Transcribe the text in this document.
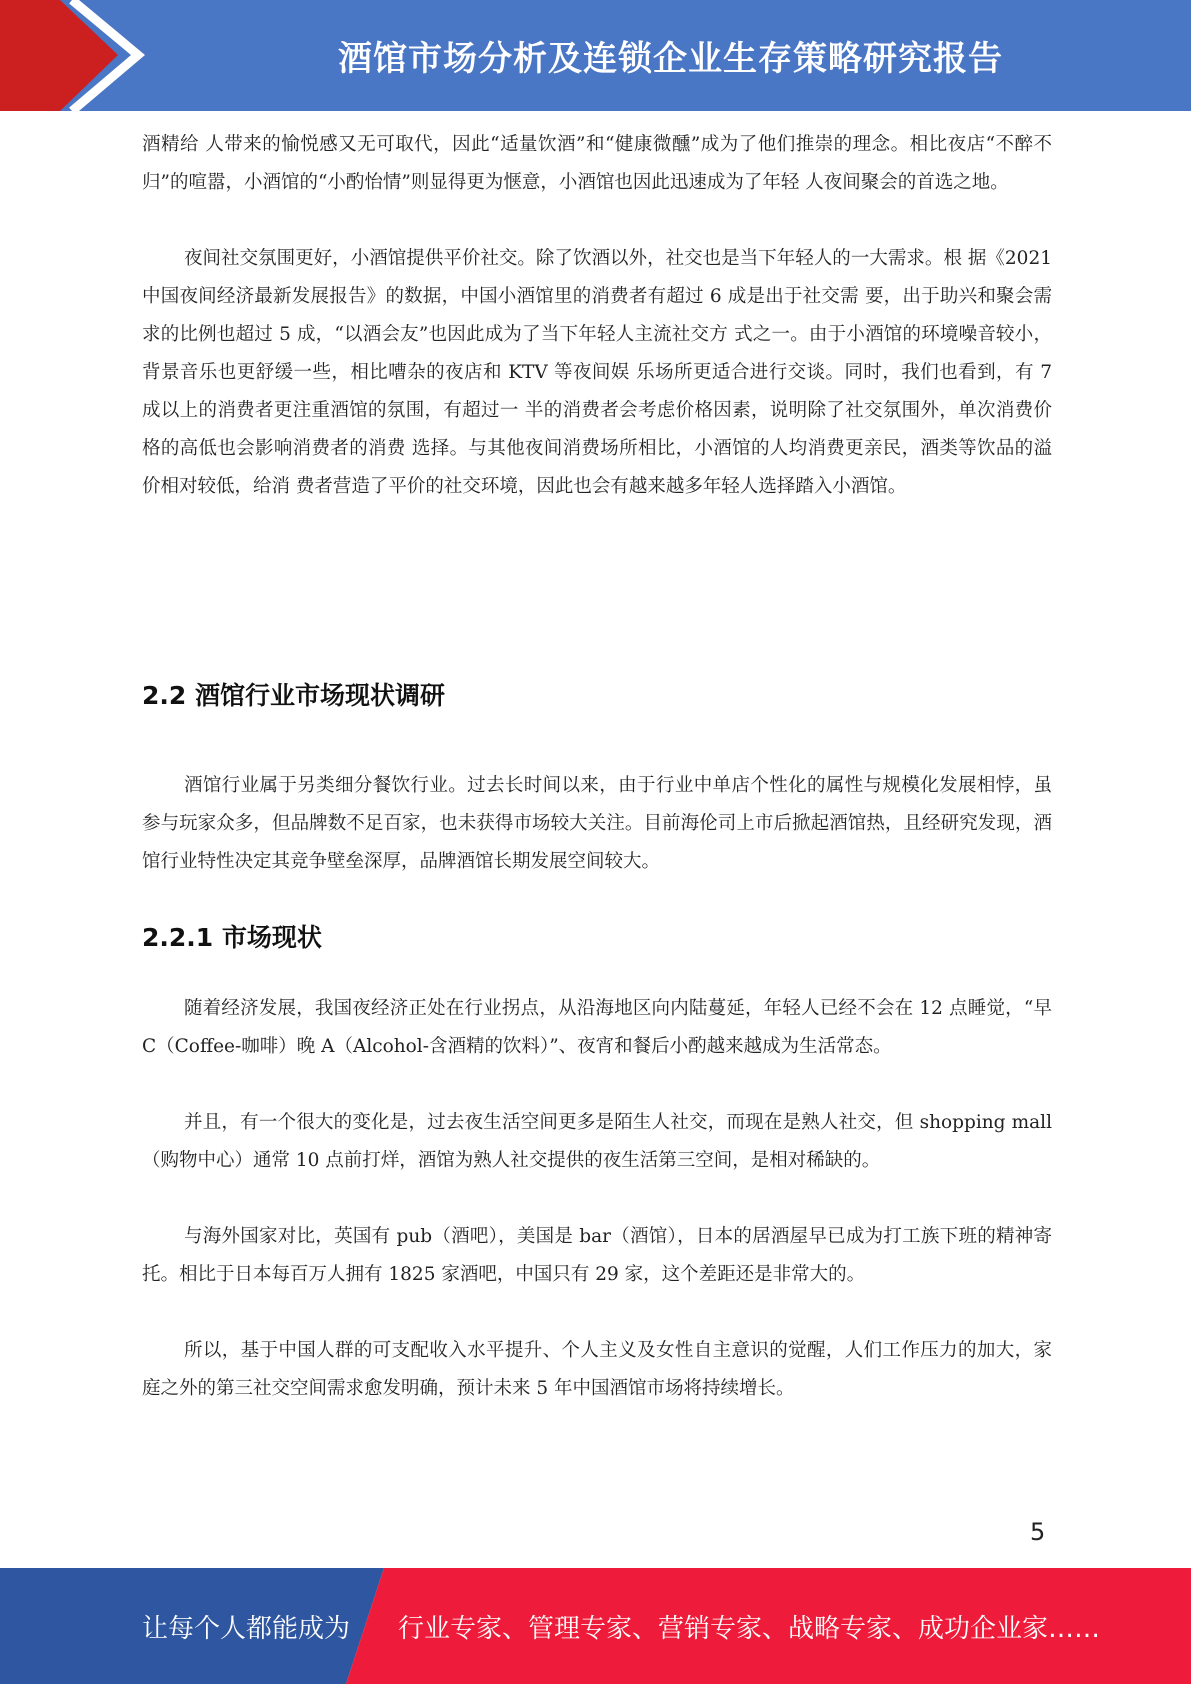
酒馆市场分析及连锁企业生存策略研究报告

酒精给 人带来的愉悦感又无可取代，因此“适量饮酒”和“健康微醺”成为了他们推崇的理念。相比夜店“不醉不归”的喧嚣，小酒馆的“小酌怡情”则显得更为惬意，小酒馆也因此迅速成为了年轻 人夜间聚会的首选之地。

夜间社交氛围更好，小酒馆提供平价社交。除了饮酒以外，社交也是当下年轻人的一大需求。根 据《2021 中国夜间经济最新发展报告》的数据，中国小酒馆里的消费者有超过 6 成是出于社交需 要，出于助兴和聚会需求的比例也超过 5 成，“以酒会友”也因此成为了当下年轻人主流社交方 式之一。由于小酒馆的环境噪音较小，背景音乐也更舒缓一些，相比嘈杂的夜店和 KTV 等夜间娱 乐场所更适合进行交谈。同时，我们也看到，有 7 成以上的消费者更注重酒馆的氛围，有超过一 半的消费者会考虑价格因素，说明除了社交氛围外，单次消费价格的高低也会影响消费者的消费 选择。与其他夜间消费场所相比，小酒馆的人均消费更亲民，酒类等饮品的溢价相对较低，给消 费者营造了平价的社交环境，因此也会有越来越多年轻人选择踏入小酒馆。

2.2 酒馆行业市场现状调研

酒馆行业属于另类细分餐饮行业。过去长时间以来，由于行业中单店个性化的属性与规模化发展相悖，虽参与玩家众多，但品牌数不足百家，也未获得市场较大关注。目前海伦司上市后掀起酒馆热，且经研究发现，酒馆行业特性决定其竞争壁垒深厚，品牌酒馆长期发展空间较大。

2.2.1 市场现状

随着经济发展，我国夜经济正处在行业拐点，从沿海地区向内陆蔓延，年轻人已经不会在 12 点睡觉，“早 C（Coffee-咖啡）晚 A（Alcohol-含酒精的饮料）”、夜宵和餐后小酌越来越成为生活常态。

并且，有一个很大的变化是，过去夜生活空间更多是陌生人社交，而现在是熟人社交，但 shopping mall（购物中心）通常 10 点前打烊，酒馆为熟人社交提供的夜生活第三空间，是相对稀缺的。

与海外国家对比，英国有 pub（酒吧），美国是 bar（酒馆），日本的居酒屋早已成为打工族下班的精神寄托。相比于日本每百万人拥有 1825 家酒吧，中国只有 29 家，这个差距还是非常大的。

所以，基于中国人群的可支配收入水平提升、个人主义及女性自主意识的觉醒，人们工作压力的加大，家庭之外的第三社交空间需求愈发明确，预计未来 5 年中国酒馆市场将持续增长。

5
让每个人都能成为 行业专家、管理专家、营销专家、战略专家、成功企业家……
